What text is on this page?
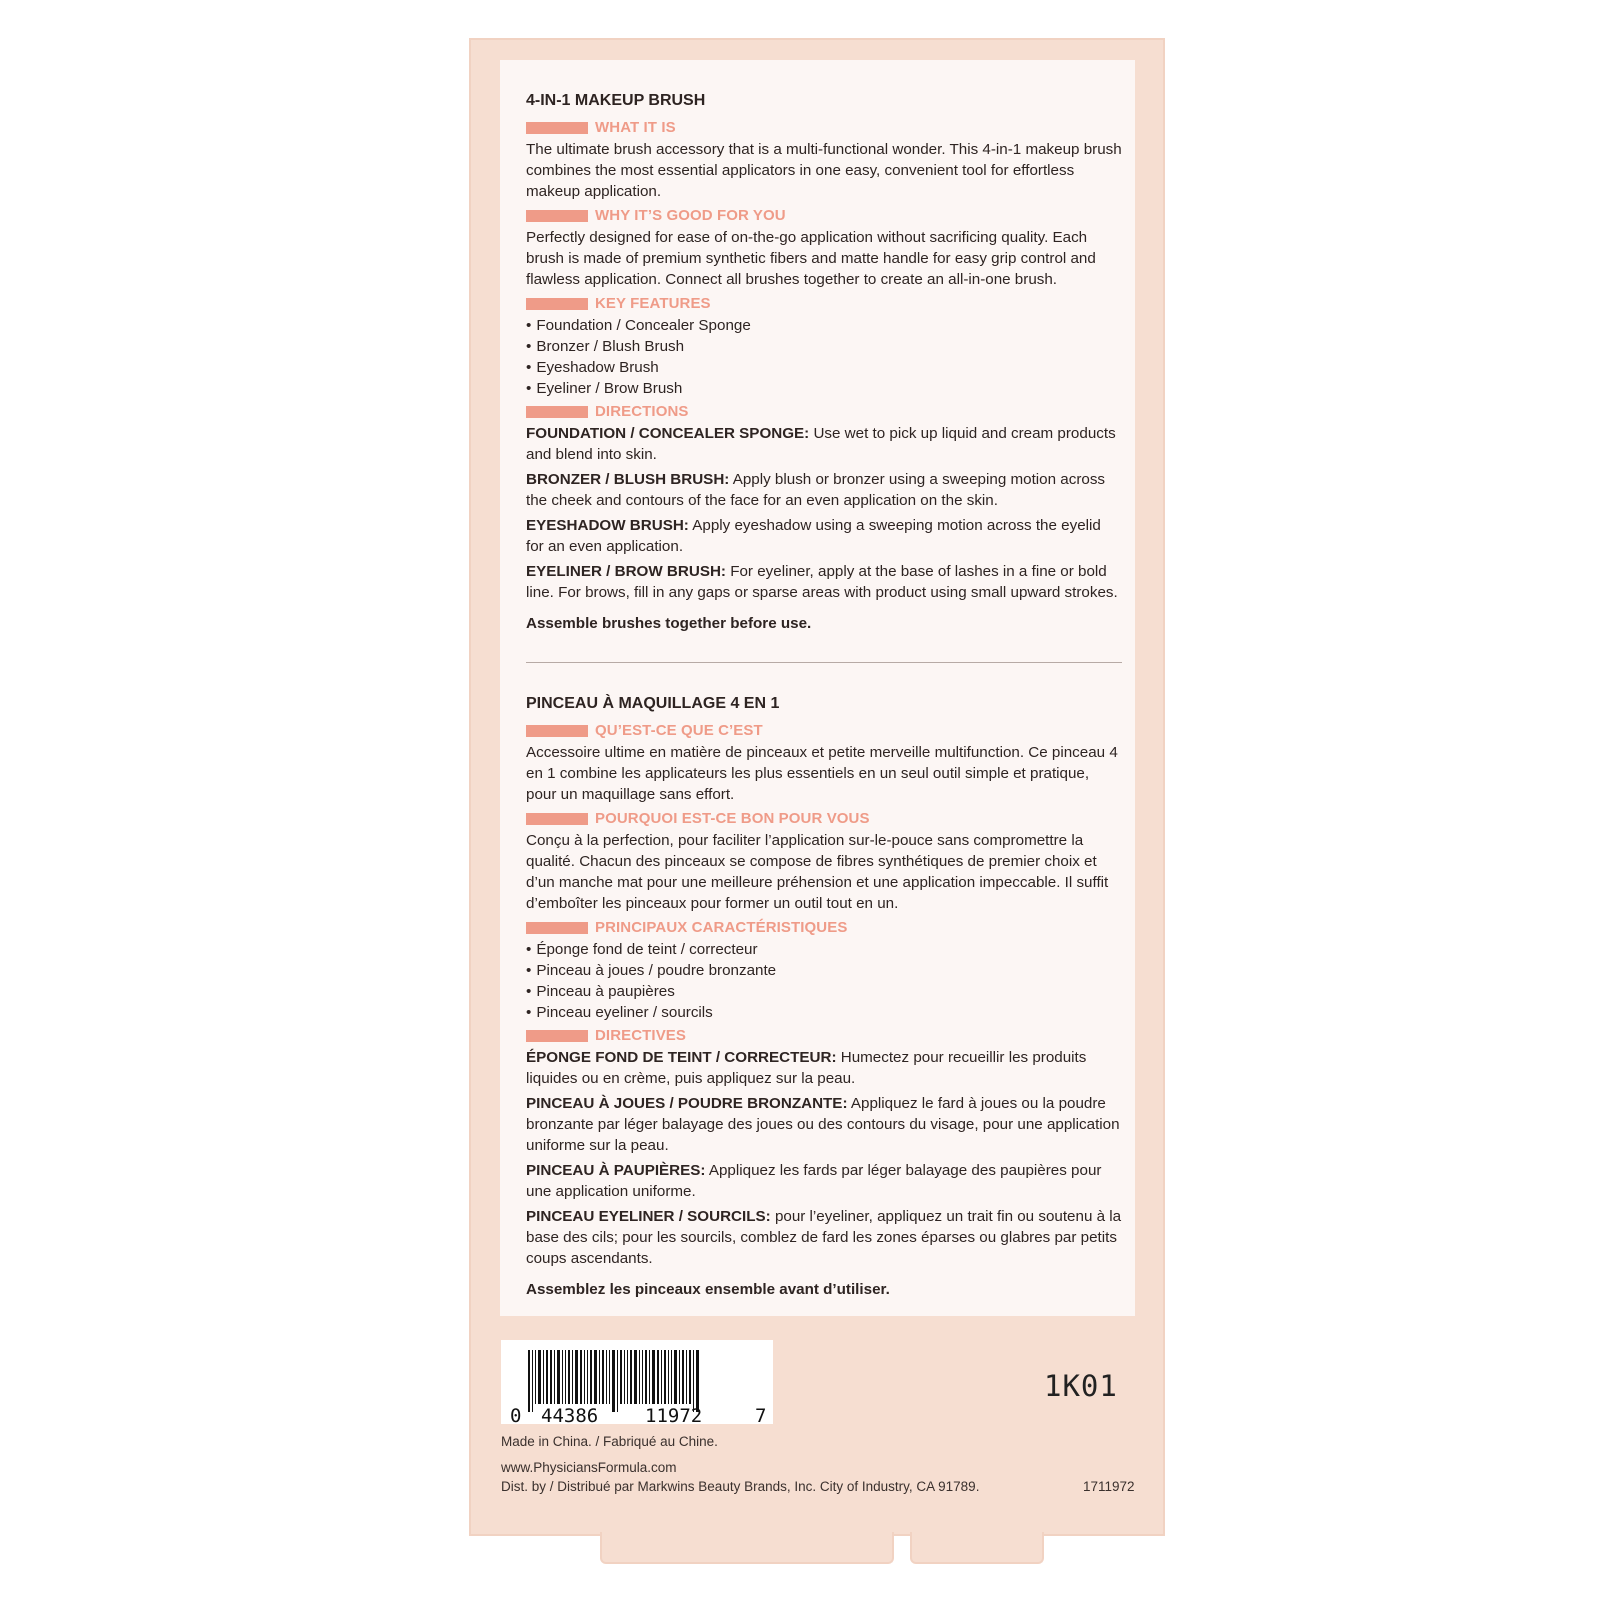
4-IN-1 MAKEUP BRUSH
WHAT IT IS
The ultimate brush accessory that is a multi-functional wonder. This 4-in-1 makeup brush combines the most essential applicators in one easy, convenient tool for effortless makeup application.
WHY IT’S GOOD FOR YOU
Perfectly designed for ease of on-the-go application without sacrificing quality. Each brush is made of premium synthetic fibers and matte handle for easy grip control and flawless application. Connect all brushes together to create an all-in-one brush.
KEY FEATURES
• Foundation / Concealer Sponge
• Bronzer / Blush Brush
• Eyeshadow Brush
• Eyeliner / Brow Brush
DIRECTIONS
FOUNDATION / CONCEALER SPONGE: Use wet to pick up liquid and cream products and blend into skin.
BRONZER / BLUSH BRUSH: Apply blush or bronzer using a sweeping motion across the cheek and contours of the face for an even application on the skin.
EYESHADOW BRUSH: Apply eyeshadow using a sweeping motion across the eyelid for an even application.
EYELINER / BROW BRUSH: For eyeliner, apply at the base of lashes in a fine or bold line. For brows, fill in any gaps or sparse areas with product using small upward strokes.
Assemble brushes together before use.
PINCEAU À MAQUILLAGE 4 EN 1
QU’EST-CE QUE C’EST
Accessoire ultime en matière de pinceaux et petite merveille multifunction. Ce pinceau 4 en 1 combine les applicateurs les plus essentiels en un seul outil simple et pratique, pour un maquillage sans effort.
POURQUOI EST-CE BON POUR VOUS
Conçu à la perfection, pour faciliter l’application sur-le-pouce sans compromettre la qualité. Chacun des pinceaux se compose de fibres synthétiques de premier choix et d’un manche mat pour une meilleure préhension et une application impeccable. Il suffit d’emboîter les pinceaux pour former un outil tout en un.
PRINCIPAUX CARACTÉRISTIQUES
• Éponge fond de teint / correcteur
• Pinceau à joues / poudre bronzante
• Pinceau à paupières
• Pinceau eyeliner / sourcils
DIRECTIVES
ÉPONGE FOND DE TEINT / CORRECTEUR: Humectez pour recueillir les produits liquides ou en crème, puis appliquez sur la peau.
PINCEAU À JOUES / POUDRE BRONZANTE: Appliquez le fard à joues ou la poudre bronzante par léger balayage des joues ou des contours du visage, pour une application uniforme sur la peau.
PINCEAU À PAUPIÈRES: Appliquez les fards par léger balayage des paupières pour une application uniforme.
PINCEAU EYELINER / SOURCILS: pour l’eyeliner, appliquez un trait fin ou soutenu à la base des cils; pour les sourcils, comblez de fard les zones éparses ou glabres par petits coups ascendants.
Assemblez les pinceaux ensemble avant d’utiliser.
0 44386 11972	7
1K01
Made in China. / Fabriqué au Chine.
www.PhysiciansFormula.com
Dist. by / Distribué par Markwins Beauty Brands, Inc. City of Industry, CA 91789.	1711972
